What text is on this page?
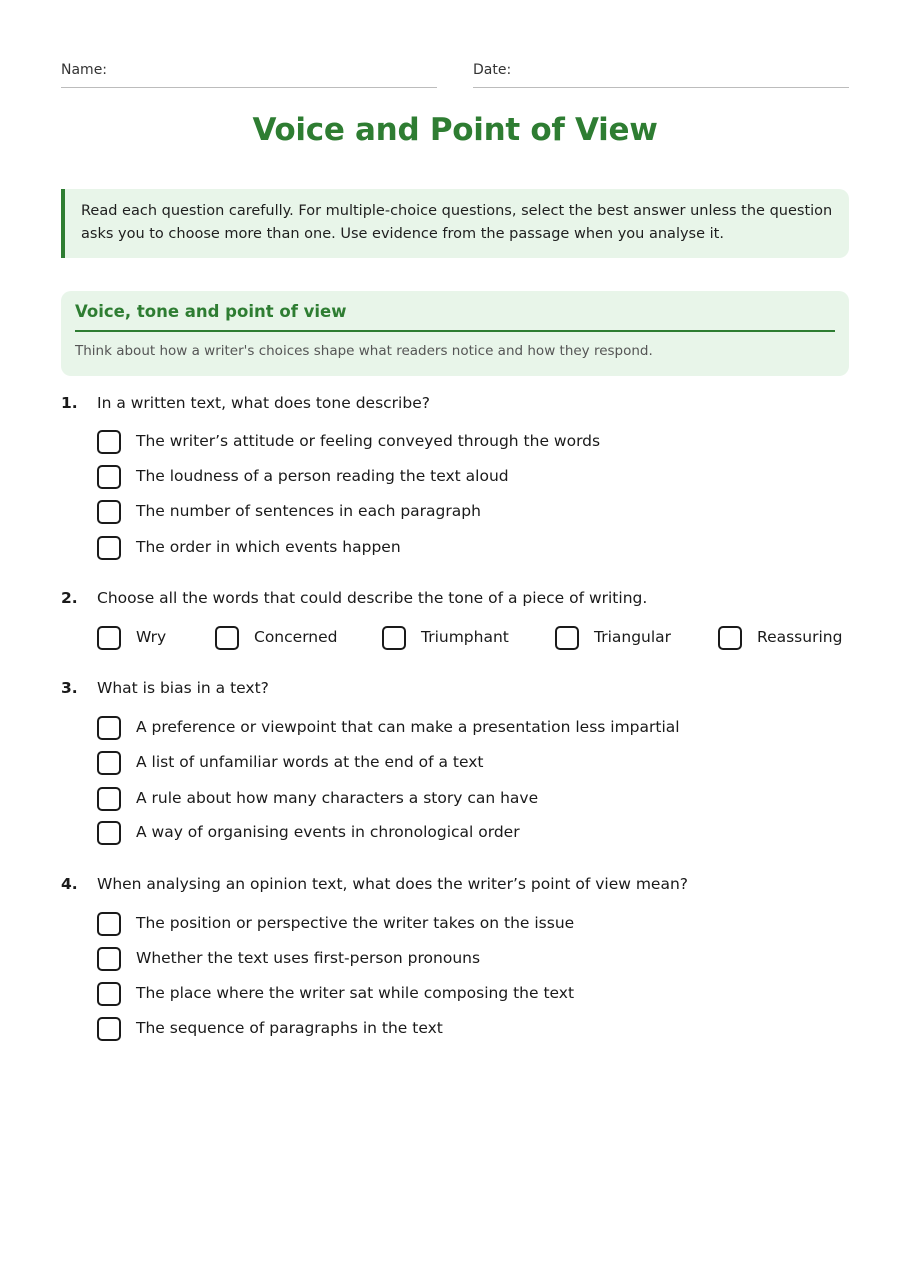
Name:	Date:
Voice and Point of View
Read each question carefully. For multiple-choice questions, select the best answer unless the question asks you to choose more than one. Use evidence from the passage when you analyse it.
Voice, tone and point of view
Think about how a writer's choices shape what readers notice and how they respond.
1. In a written text, what does tone describe?
The writer’s attitude or feeling conveyed through the words
The loudness of a person reading the text aloud
The number of sentences in each paragraph
The order in which events happen
2. Choose all the words that could describe the tone of a piece of writing.
Wry	Concerned	Triumphant	Triangular	Reassuring
3. What is bias in a text?
A preference or viewpoint that can make a presentation less impartial
A list of unfamiliar words at the end of a text
A rule about how many characters a story can have
A way of organising events in chronological order
4. When analysing an opinion text, what does the writer’s point of view mean?
The position or perspective the writer takes on the issue
Whether the text uses first-person pronouns
The place where the writer sat while composing the text
The sequence of paragraphs in the text
